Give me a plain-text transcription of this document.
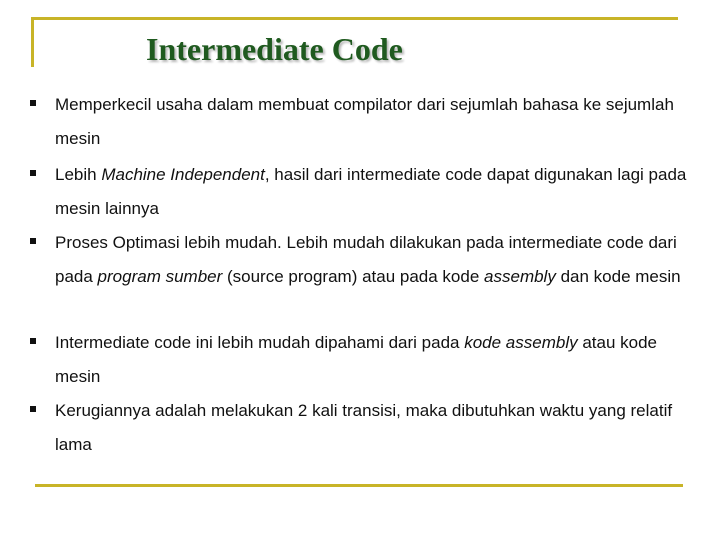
Intermediate Code
Memperkecil usaha dalam membuat compilator dari sejumlah bahasa ke sejumlah mesin
Lebih Machine Independent, hasil dari intermediate code dapat digunakan lagi pada mesin lainnya
Proses Optimasi lebih mudah. Lebih mudah dilakukan pada intermediate code dari pada program sumber (source program) atau pada kode assembly dan kode mesin
Intermediate code ini lebih mudah dipahami dari pada kode assembly atau kode mesin
Kerugiannya adalah melakukan 2 kali transisi, maka dibutuhkan waktu yang relatif lama
